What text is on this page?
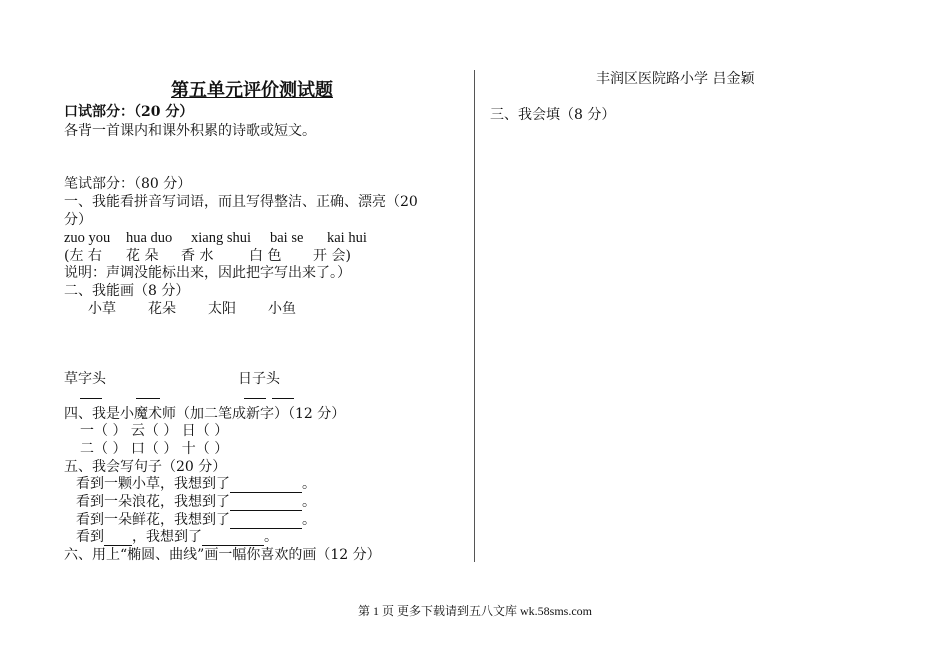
第五单元评价测试题
口试部分：（20 分）
各背一首课内和课外积累的诗歌或短文。
笔试部分：（80 分）
一、我能看拼音写词语，而且写得整洁、正确、漂亮（20
分）
zuo you hua duo xiang shui bai se kai hui
(左 右 花 朵 香 水	白 色 开 会)
说明：声调没能标出来，因此把字写出来了。）
二、我能画（8 分）
小草 花朵 太阳 小鱼
草字头	日子头
四、我是小魔术师（加二笔成新字）（12 分）
一（ ） 云（ ） 日（ ）
二（ ） 口（ ） 十（ ）
五、我会写句子（20 分）
看到一颗小草，我想到了	。
看到一朵浪花，我想到了	。
看到一朵鲜花，我想到了	。
看到 ，我想到了	。
六、用上“椭圆、曲线”画一幅你喜欢的画（12 分）
丰润区医院路小学 吕金颖
三、我会填（8 分）
第 1 页 更多下载请到五八文库 wk.58sms.com
